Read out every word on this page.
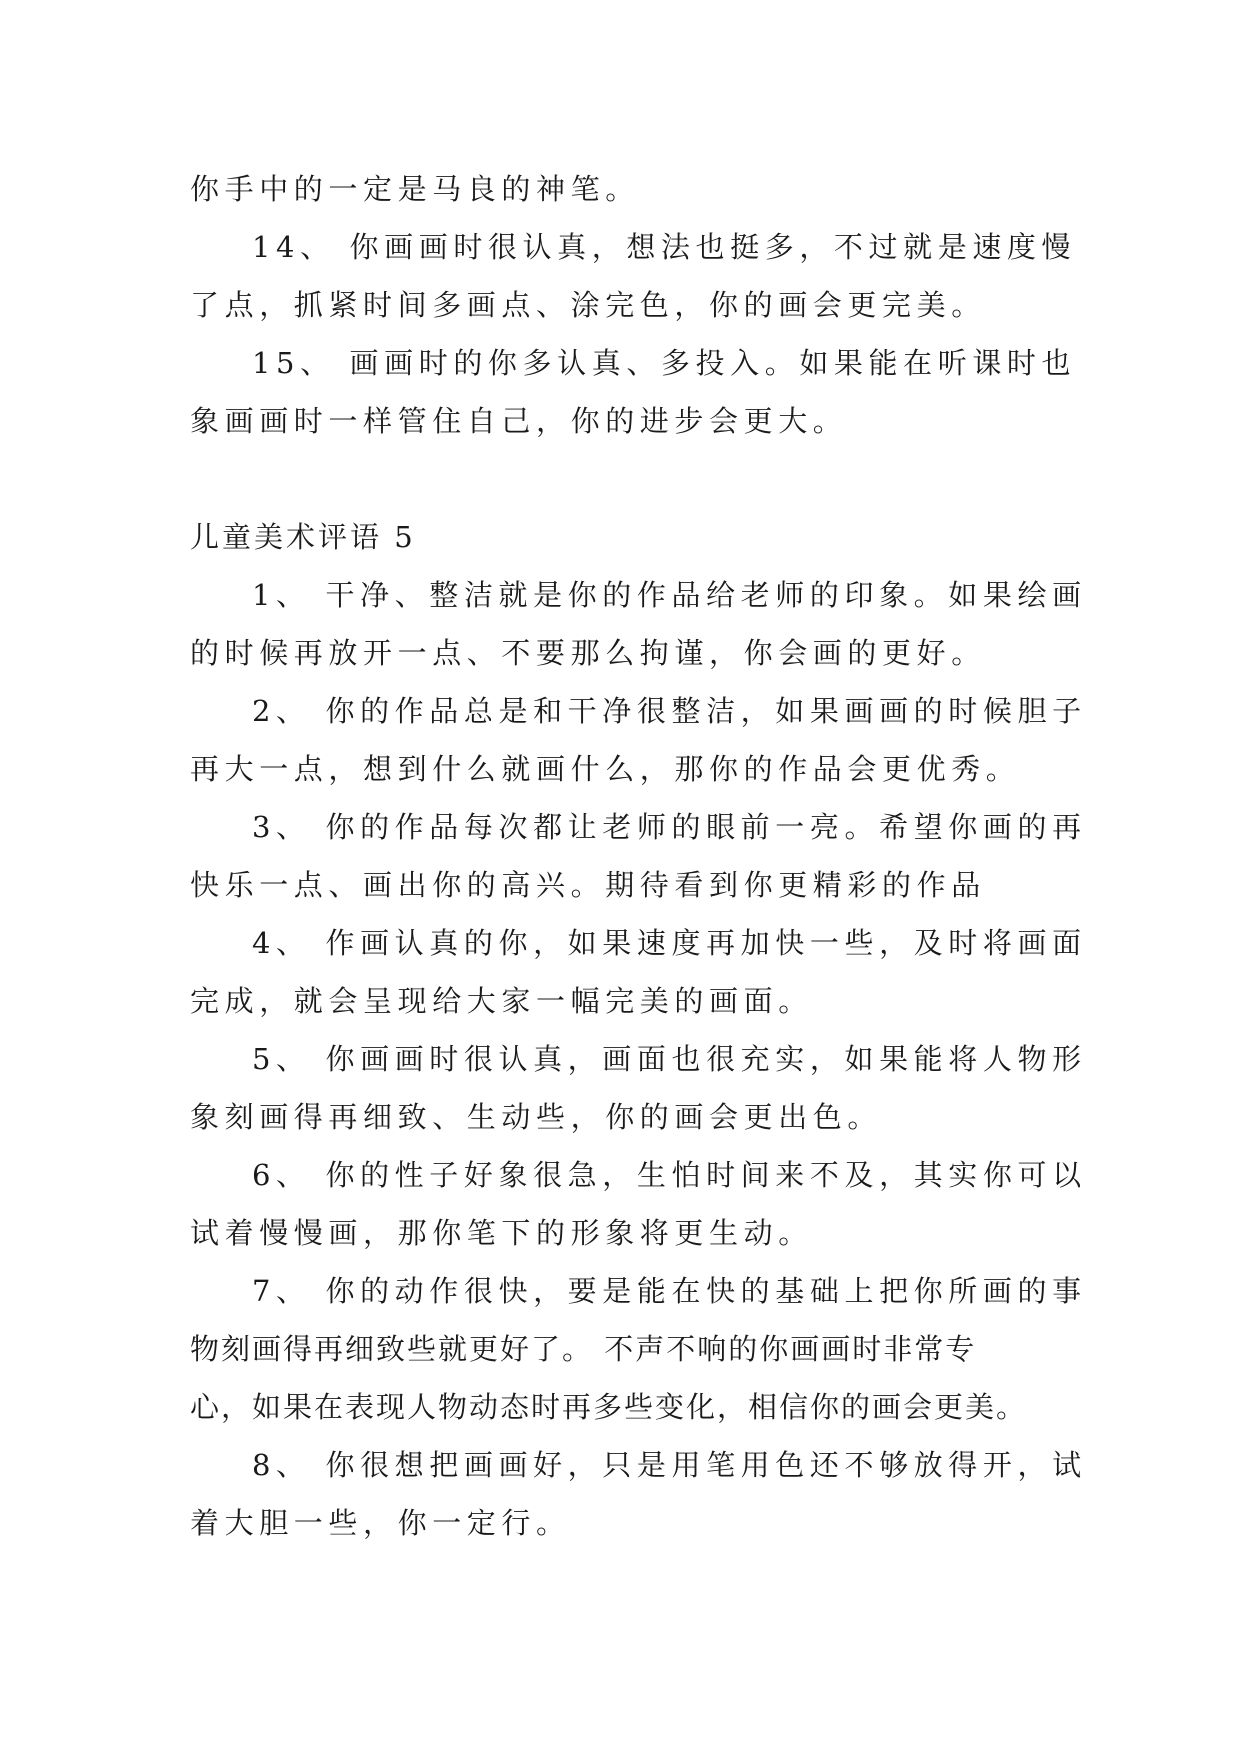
你手中的一定是马良的神笔。
14、 你画画时很认真，想法也挺多，不过就是速度慢
了点，抓紧时间多画点、涂完色，你的画会更完美。
15、 画画时的你多认真、多投入。如果能在听课时也
象画画时一样管住自己，你的进步会更大。
儿童美术评语 5
1、 干净、整洁就是你的作品给老师的印象。如果绘画
的时候再放开一点、不要那么拘谨，你会画的更好。
2、 你的作品总是和干净很整洁，如果画画的时候胆子
再大一点，想到什么就画什么，那你的作品会更优秀。
3、 你的作品每次都让老师的眼前一亮。希望你画的再
快乐一点、画出你的高兴。期待看到你更精彩的作品
4、 作画认真的你，如果速度再加快一些，及时将画面
完成，就会呈现给大家一幅完美的画面。
5、 你画画时很认真，画面也很充实，如果能将人物形
象刻画得再细致、生动些，你的画会更出色。
6、 你的性子好象很急，生怕时间来不及，其实你可以
试着慢慢画，那你笔下的形象将更生动。
7、 你的动作很快，要是能在快的基础上把你所画的事
物刻画得再细致些就更好了。 不声不响的你画画时非常专
心，如果在表现人物动态时再多些变化，相信你的画会更美。
8、 你很想把画画好，只是用笔用色还不够放得开，试
着大胆一些，你一定行。
